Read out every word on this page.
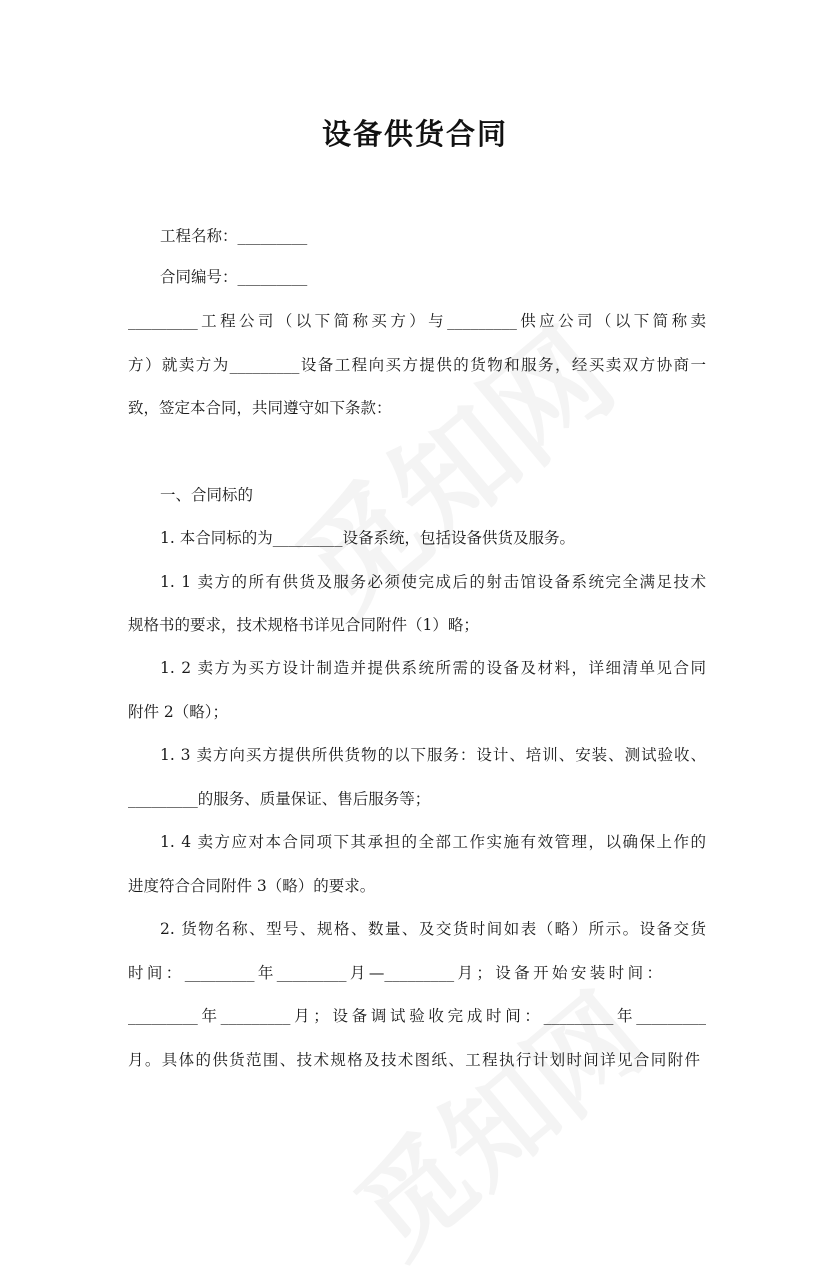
设备供货合同
工程名称：_________
合同编号：_________
_________工程公司（以下简称买方）与_________供应公司（以下简称卖
方）就卖方为_________设备工程向买方提供的货物和服务，经买卖双方协商一
致，签定本合同，共同遵守如下条款：
一、合同标的
1. 本合同标的为_________设备系统，包括设备供货及服务。
1. 1 卖方的所有供货及服务必须使完成后的射击馆设备系统完全满足技术
规格书的要求，技术规格书详见合同附件（1）略；
1. 2 卖方为买方设计制造并提供系统所需的设备及材料，详细清单见合同
附件 2（略）；
1. 3 卖方向买方提供所供货物的以下服务：设计、培训、安装、测试验收、
_________的服务、质量保证、售后服务等；
1. 4 卖方应对本合同项下其承担的全部工作实施有效管理，以确保上作的
进度符合合同附件 3（略）的要求。
2. 货物名称、型号、规格、数量、及交货时间如表（略）所示。设备交货
时间：_________年_________月—_________月；设备开始安装时间：
_________年_________月；设备调试验收完成时间：_________年_________
月。具体的供货范围、技术规格及技术图纸、工程执行计划时间详见合同附件
